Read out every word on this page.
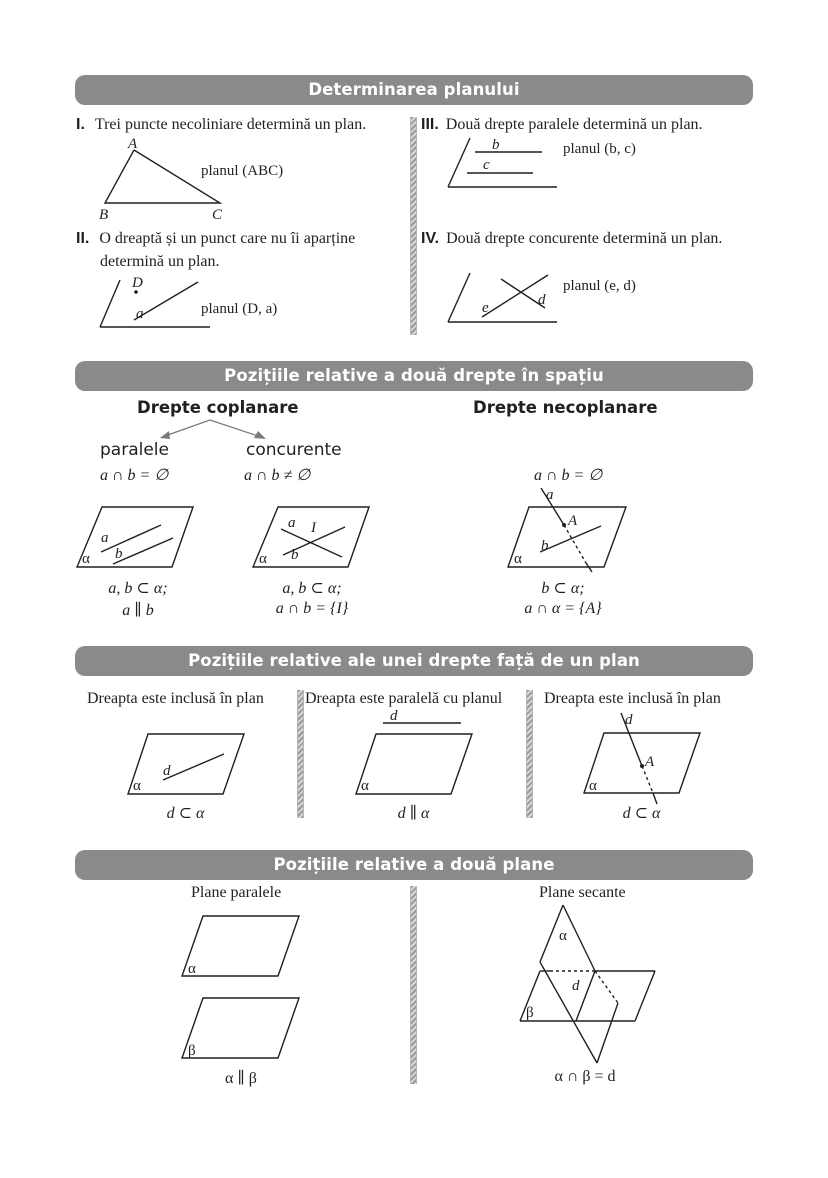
Determinarea planului
I. Trei puncte necoliniare determină un plan.
A
B	C
planul (ABC)
II. O dreaptă și un punct care nu îi aparține
determină un plan.
D
a	planul (D, a)
III. Două drepte paralele determină un plan.
b
c
planul (b, c)
IV. Două drepte concurente determină un plan.
e	d
planul (e, d)
Pozițiile relative a două drepte în spațiu
Drepte coplanare	Drepte necoplanare
paralele	concurente
a ∩ b = ∅	a ∩ b ≠ ∅	a ∩ b = ∅
a
b
α
a, b ⊂ α;
a ∥ b
a I
b
α
a, b ⊂ α;
a ∩ b = {I}
a
A
b
α
b ⊂ α;
a ∩ α = {A}
Pozițiile relative ale unei drepte față de un plan
Dreapta este inclusă în plan	Dreapta este paralelă cu planul	Dreapta este inclusă în plan
d
α
d ⊂ α
d
α
d ∥ α
d
A
α
d ⊂ α
Pozițiile relative a două plane
Plane paralele	Plane secante
α
β
α ∥ β
α
d
β
α ∩ β = d
